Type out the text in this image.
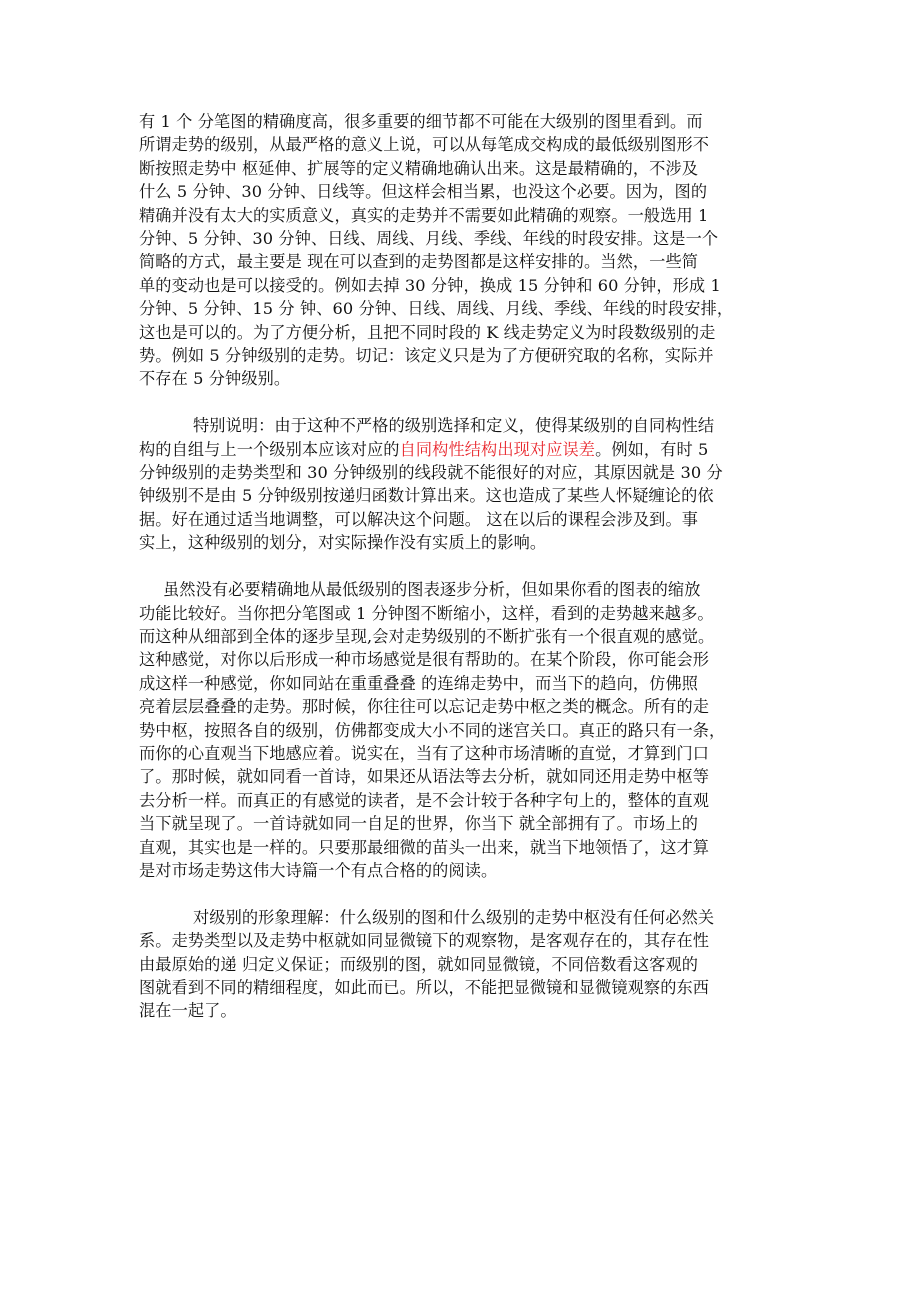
有 1 个 分笔图的精确度高，很多重要的细节都不可能在大级别的图里看到。而
所谓走势的级别，从最严格的意义上说，可以从每笔成交构成的最低级别图形不
断按照走势中 枢延伸、扩展等的定义精确地确认出来。这是最精确的，不涉及
什么 5 分钟、30 分钟、日线等。但这样会相当累，也没这个必要。因为，图的
精确并没有太大的实质意义，真实的走势并不需要如此精确的观察。一般选用 1
分钟、5 分钟、30 分钟、日线、周线、月线、季线、年线的时段安排。这是一个
简略的方式，最主要是 现在可以查到的走势图都是这样安排的。当然，一些简
单的变动也是可以接受的。例如去掉 30 分钟，换成 15 分钟和 60 分钟，形成 1
分钟、5 分钟、15 分 钟、60 分钟、日线、周线、月线、季线、年线的时段安排，
这也是可以的。为了方便分析，且把不同时段的 K 线走势定义为时段数级别的走
势。例如 5 分钟级别的走势。切记：该定义只是为了方便研究取的名称，实际并
不存在 5 分钟级别。

特别说明：由于这种不严格的级别选择和定义，使得某级别的自同构性结
构的自组与上一个级别本应该对应的自同构性结构出现对应误差。例如，有时 5
分钟级别的走势类型和 30 分钟级别的线段就不能很好的对应，其原因就是 30 分
钟级别不是由 5 分钟级别按递归函数计算出来。这也造成了某些人怀疑缠论的依
据。好在通过适当地调整，可以解决这个问题。 这在以后的课程会涉及到。事
实上，这种级别的划分，对实际操作没有实质上的影响。

虽然没有必要精确地从最低级别的图表逐步分析，但如果你看的图表的缩放
功能比较好。当你把分笔图或 1 分钟图不断缩小，这样，看到的走势越来越多。
而这种从细部到全体的逐步呈现,会对走势级别的不断扩张有一个很直观的感觉。
这种感觉，对你以后形成一种市场感觉是很有帮助的。在某个阶段，你可能会形
成这样一种感觉，你如同站在重重叠叠 的连绵走势中，而当下的趋向，仿佛照
亮着层层叠叠的走势。那时候，你往往可以忘记走势中枢之类的概念。所有的走
势中枢，按照各自的级别，仿佛都变成大小不同的迷宫关口。真正的路只有一条，
而你的心直观当下地感应着。说实在，当有了这种市场清晰的直觉，才算到门口
了。那时候，就如同看一首诗，如果还从语法等去分析，就如同还用走势中枢等
去分析一样。而真正的有感觉的读者，是不会计较于各种字句上的，整体的直观
当下就呈现了。一首诗就如同一自足的世界，你当下 就全部拥有了。市场上的
直观，其实也是一样的。只要那最细微的苗头一出来，就当下地领悟了，这才算
是对市场走势这伟大诗篇一个有点合格的的阅读。

对级别的形象理解：什么级别的图和什么级别的走势中枢没有任何必然关
系。走势类型以及走势中枢就如同显微镜下的观察物，是客观存在的，其存在性
由最原始的递 归定义保证；而级别的图，就如同显微镜，不同倍数看这客观的
图就看到不同的精细程度，如此而已。所以，不能把显微镜和显微镜观察的东西
混在一起了。
